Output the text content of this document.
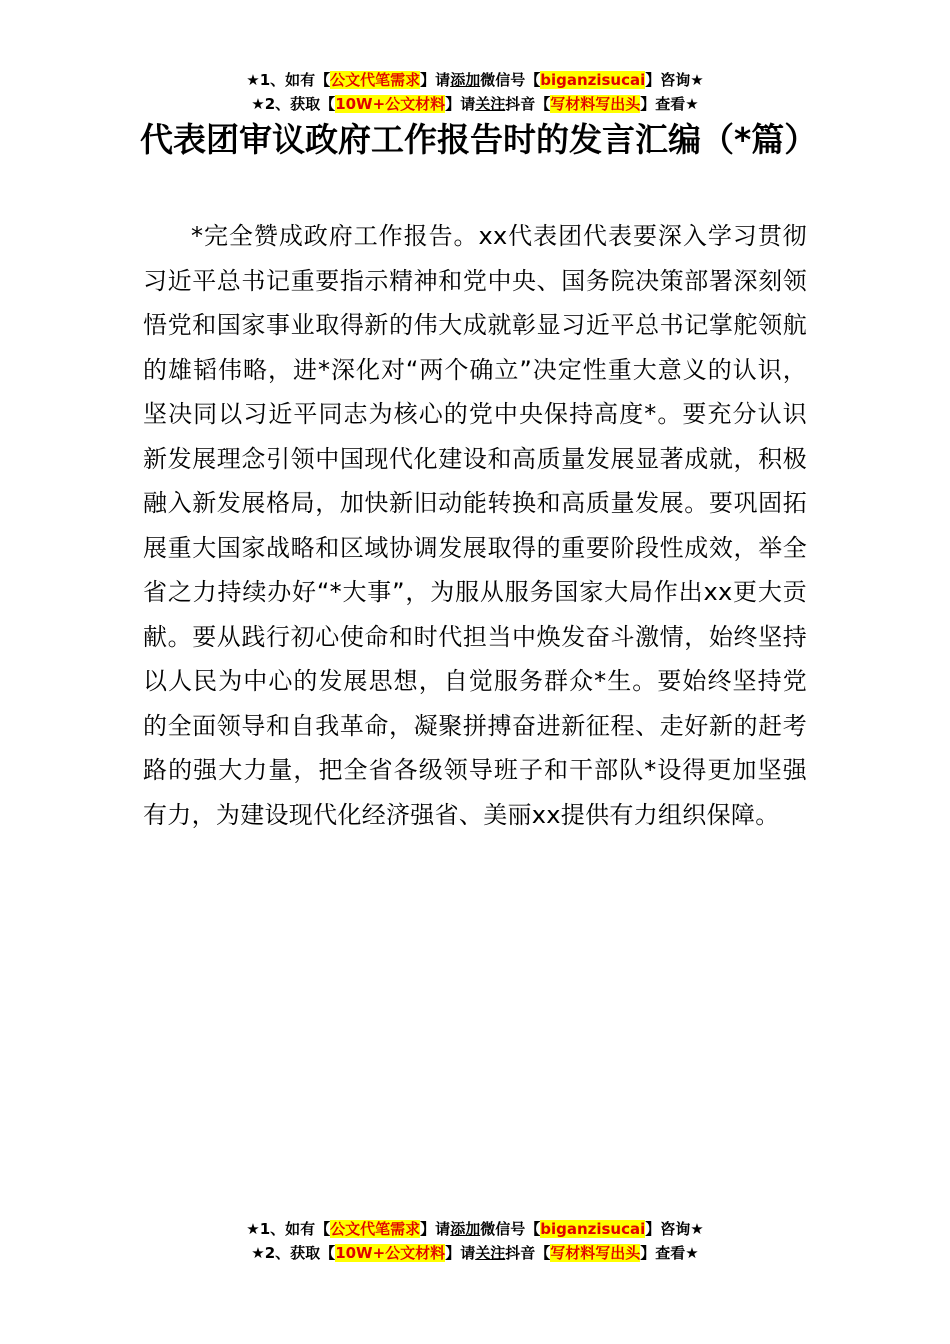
★1、如有【公文代笔需求】请添加微信号【biganzisucai】咨询★
★2、获取【10W+公文材料】请关注抖音【写材料写出头】查看★
代表团审议政府工作报告时的发言汇编（*篇）

*完全赞成政府工作报告。xx代表团代表要深入学习贯彻习近平总书记重要指示精神和党中央、国务院决策部署深刻领悟党和国家事业取得新的伟大成就彰显习近平总书记掌舵领航的雄韬伟略，进*深化对“两个确立”决定性重大意义的认识，坚决同以习近平同志为核心的党中央保持高度*。要充分认识新发展理念引领中国现代化建设和高质量发展显著成就，积极融入新发展格局，加快新旧动能转换和高质量发展。要巩固拓展重大国家战略和区域协调发展取得的重要阶段性成效，举全省之力持续办好“*大事”，为服从服务国家大局作出xx更大贡献。要从践行初心使命和时代担当中焕发奋斗激情，始终坚持以人民为中心的发展思想，自觉服务群众*生。要始终坚持党的全面领导和自我革命，凝聚拼搏奋进新征程、走好新的赶考路的强大力量，把全省各级领导班子和干部队*设得更加坚强有力，为建设现代化经济强省、美丽xx提供有力组织保障。

★1、如有【公文代笔需求】请添加微信号【biganzisucai】咨询★
★2、获取【10W+公文材料】请关注抖音【写材料写出头】查看★
